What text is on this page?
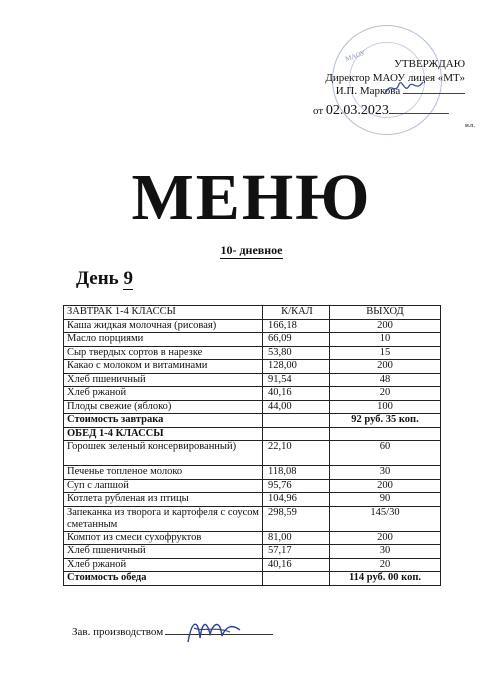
МАОУ
УТВЕРЖДАЮ
Директор МАОУ лицея «МТ»
И.П. Маркова
от 02.03.2023
м.п.
МЕНЮ
10- дневное
День 9
ЗАВТРАК 1-4 КЛАССЫ	К/КАЛ	ВЫХОД
Каша жидкая молочная (рисовая)	166,18	200
Масло порциями	66,09	10
Сыр твердых сортов в нарезке	53,80	15
Какао с молоком и витаминами	128,00	200
Хлеб пшеничный	91,54	48
Хлеб ржаной	40,16	20
Плоды свежие (яблоко)	44,00	100
Стоимость завтрака		92 руб. 35 коп.
ОБЕД 1-4 КЛАССЫ		
Горошек зеленый консервированный)	22,10	60
Печенье топленое молоко	118,08	30
Суп с лапшой	95,76	200
Котлета рубленая из птицы	104,96	90
Запеканка из творога и картофеля с соусом сметанным	298,59	145/30
Компот из смеси сухофруктов	81,00	200
Хлеб пшеничный	57,17	30
Хлеб ржаной	40,16	20
Стоимость обеда		114 руб. 00 коп.
Зав. производством
